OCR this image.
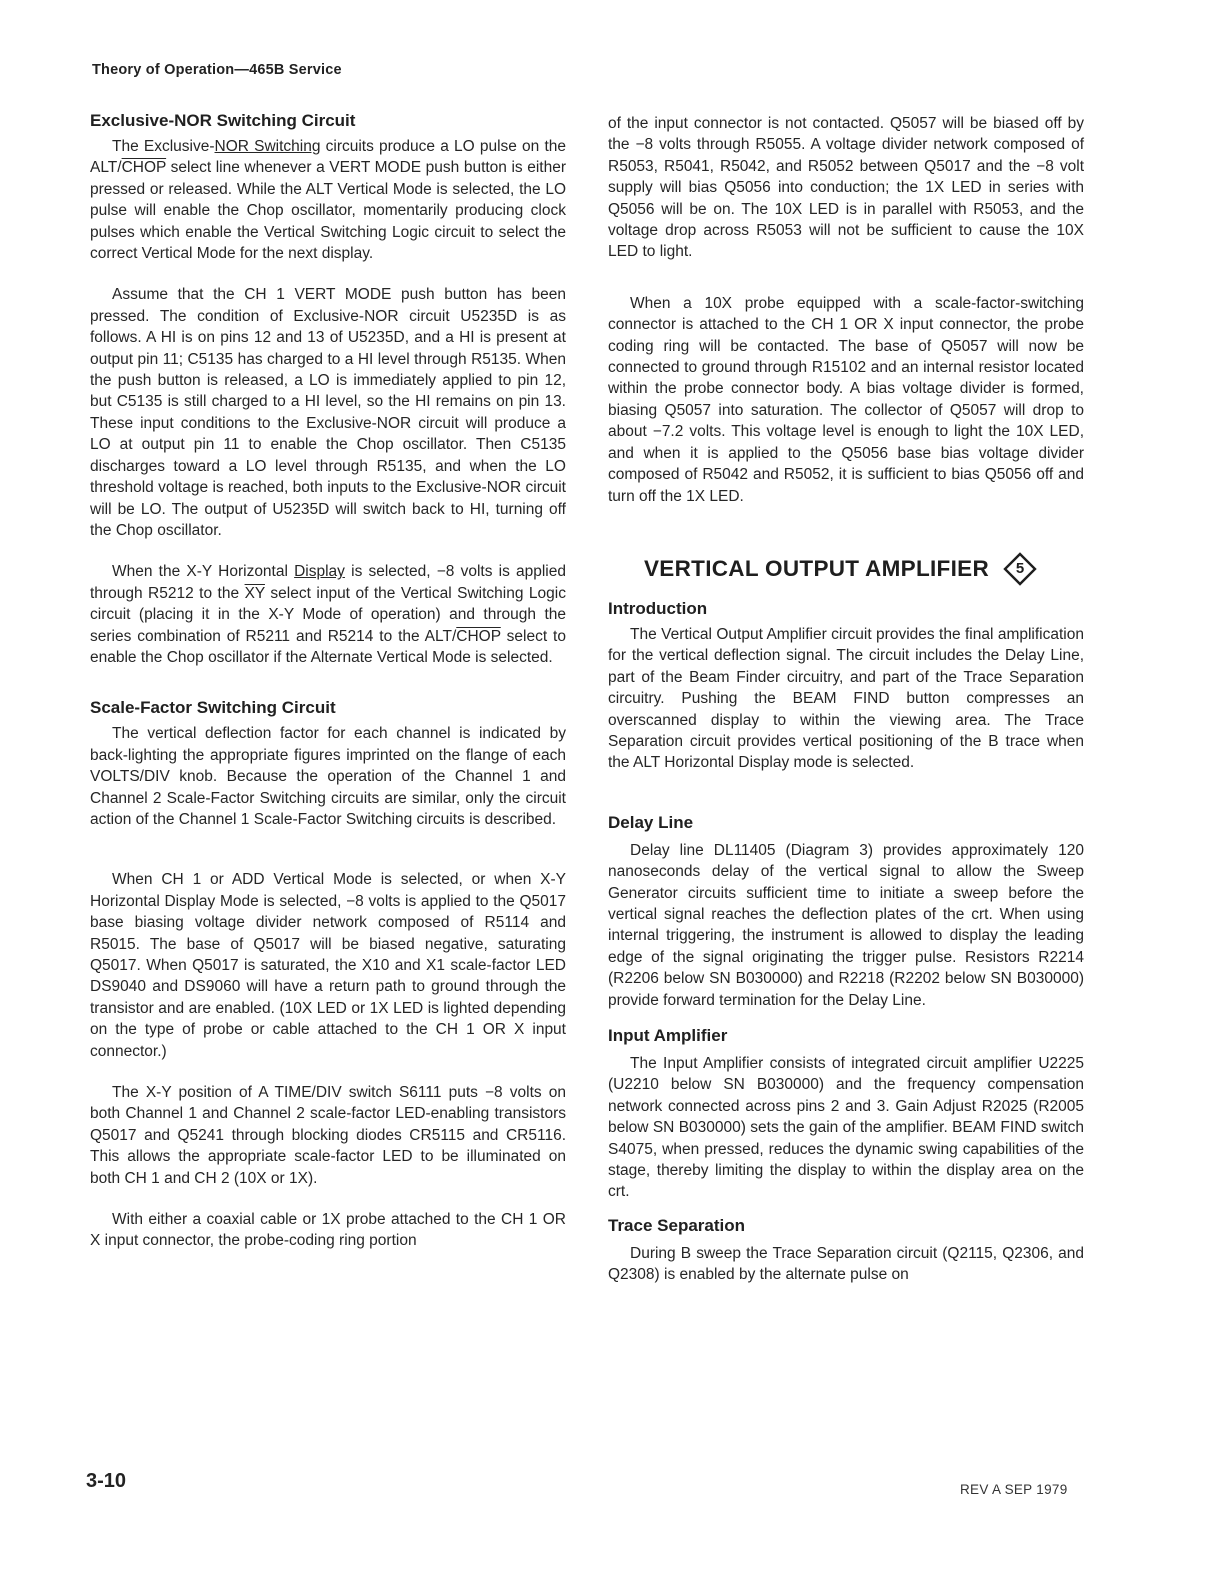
Theory of Operation—465B Service
Exclusive-NOR Switching Circuit

The Exclusive-NOR Switching circuits produce a LO pulse on the ALT/CHOP select line whenever a VERT MODE push button is either pressed or released. While the ALT Vertical Mode is selected, the LO pulse will enable the Chop oscillator, momentarily producing clock pulses which enable the Vertical Switching Logic circuit to select the correct Vertical Mode for the next display.

Assume that the CH 1 VERT MODE push button has been pressed. The condition of Exclusive-NOR circuit U5235D is as follows. A HI is on pins 12 and 13 of U5235D, and a HI is present at output pin 11; C5135 has charged to a HI level through R5135. When the push button is released, a LO is immediately applied to pin 12, but C5135 is still charged to a HI level, so the HI remains on pin 13. These input conditions to the Exclusive-NOR circuit will produce a LO at output pin 11 to enable the Chop oscillator. Then C5135 discharges toward a LO level through R5135, and when the LO threshold voltage is reached, both inputs to the Exclusive-NOR circuit will be LO. The output of U5235D will switch back to HI, turning off the Chop oscillator.

When the X-Y Horizontal Display is selected, −8 volts is applied through R5212 to the $\overline{XY}$ select input of the Vertical Switching Logic circuit (placing it in the X-Y Mode of operation) and through the series combination of R5211 and R5214 to the ALT/CHOP select to enable the Chop oscillator if the Alternate Vertical Mode is selected.

Scale-Factor Switching Circuit

The vertical deflection factor for each channel is indicated by back-lighting the appropriate figures imprinted on the flange of each VOLTS/DIV knob. Because the operation of the Channel 1 and Channel 2 Scale-Factor Switching circuits are similar, only the circuit action of the Channel 1 Scale-Factor Switching circuits is described.

When CH 1 or ADD Vertical Mode is selected, or when X-Y Horizontal Display Mode is selected, −8 volts is applied to the Q5017 base biasing voltage divider network composed of R5114 and R5015. The base of Q5017 will be biased negative, saturating Q5017. When Q5017 is saturated, the X10 and X1 scale-factor LED DS9040 and DS9060 will have a return path to ground through the transistor and are enabled. (10X LED or 1X LED is lighted depending on the type of probe or cable attached to the CH 1 OR X input connector.)

The X-Y position of A TIME/DIV switch S6111 puts −8 volts on both Channel 1 and Channel 2 scale-factor LED-enabling transistors Q5017 and Q5241 through blocking diodes CR5115 and CR5116. This allows the appropriate scale-factor LED to be illuminated on both CH 1 and CH 2 (10X or 1X).

With either a coaxial cable or 1X probe attached to the CH 1 OR X input connector, the probe-coding ring portion

of the input connector is not contacted. Q5057 will be biased off by the −8 volts through R5055. A voltage divider network composed of R5053, R5041, R5042, and R5052 between Q5017 and the −8 volt supply will bias Q5056 into conduction; the 1X LED in series with Q5056 will be on. The 10X LED is in parallel with R5053, and the voltage drop across R5053 will not be sufficient to cause the 10X LED to light.

When a 10X probe equipped with a scale-factor-switching connector is attached to the CH 1 OR X input connector, the probe coding ring will be contacted. The base of Q5057 will now be connected to ground through R15102 and an internal resistor located within the probe connector body. A bias voltage divider is formed, biasing Q5057 into saturation. The collector of Q5057 will drop to about −7.2 volts. This voltage level is enough to light the 10X LED, and when it is applied to the Q5056 base bias voltage divider composed of R5042 and R5052, it is sufficient to bias Q5056 off and turn off the 1X LED.

VERTICAL OUTPUT AMPLIFIER	5
Introduction

The Vertical Output Amplifier circuit provides the final amplification for the vertical deflection signal. The circuit includes the Delay Line, part of the Beam Finder circuitry, and part of the Trace Separation circuitry. Pushing the BEAM FIND button compresses an overscanned display to within the viewing area. The Trace Separation circuit provides vertical positioning of the B trace when the ALT Horizontal Display mode is selected.

Delay Line

Delay line DL11405 (Diagram 3) provides approximately 120 nanoseconds delay of the vertical signal to allow the Sweep Generator circuits sufficient time to initiate a sweep before the vertical signal reaches the deflection plates of the crt. When using internal triggering, the instrument is allowed to display the leading edge of the signal originating the trigger pulse. Resistors R2214 (R2206 below SN B030000) and R2218 (R2202 below SN B030000) provide forward termination for the Delay Line.

Input Amplifier

The Input Amplifier consists of integrated circuit amplifier U2225 (U2210 below SN B030000) and the frequency compensation network connected across pins 2 and 3. Gain Adjust R2025 (R2005 below SN B030000) sets the gain of the amplifier. BEAM FIND switch S4075, when pressed, reduces the dynamic swing capabilities of the stage, thereby limiting the display to within the display area on the crt.

Trace Separation

During B sweep the Trace Separation circuit (Q2115, Q2306, and Q2308) is enabled by the alternate pulse on

3-10	REV A SEP 1979
